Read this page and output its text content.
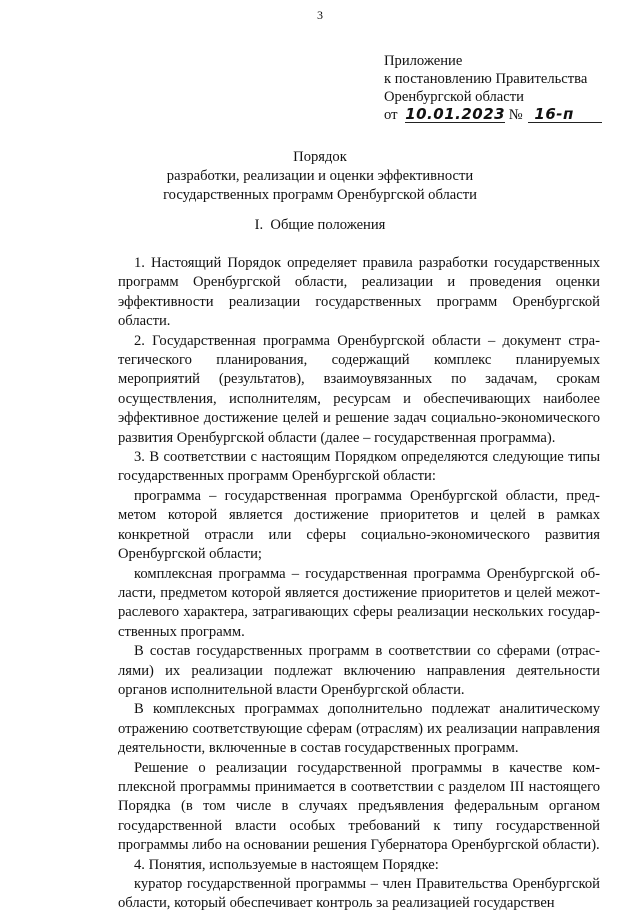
3
Приложение
к постановлению Правительства
Оренбургской области
от 10.01.2023 № 16-п
Порядок
разработки, реализации и оценки эффективности
государственных программ Оренбургской области
I. Общие положения

1. Настоящий Порядок определяет правила разработки государственных программ Оренбургской области, реализации и проведения оценки эффективности реализации государственных программ Оренбургской области.

2. Государственная программа Оренбургской области – документ стратегического планирования, содержащий комплекс планируемых мероприятий (результатов), взаимоувязанных по задачам, срокам осуществления, исполнителям, ресурсам и обеспечивающих наиболее эффективное достижение целей и решение задач социально-экономического развития Оренбургской области (далее – государственная программа).

3. В соответствии с настоящим Порядком определяются следующие типы государственных программ Оренбургской области:

программа – государственная программа Оренбургской области, предметом которой является достижение приоритетов и целей в рамках конкретной отрасли или сферы социально-экономического развития Оренбургской области;

комплексная программа – государственная программа Оренбургской области, предметом которой является достижение приоритетов и целей межотраслевого характера, затрагивающих сферы реализации нескольких государственных программ.

В состав государственных программ в соответствии со сферами (отраслями) их реализации подлежат включению направления деятельности органов исполнительной власти Оренбургской области.

В комплексных программах дополнительно подлежат аналитическому отражению соответствующие сферам (отраслям) их реализации направления деятельности, включенные в состав государственных программ.

Решение о реализации государственной программы в качестве комплексной программы принимается в соответствии с разделом III настоящего Порядка (в том числе в случаях предъявления федеральным органом государственной власти особых требований к типу государственной программы либо на основании решения Губернатора Оренбургской области).

4. Понятия, используемые в настоящем Порядке:

куратор государственной программы – член Правительства Оренбургской области, который обеспечивает контроль за реализацией государствен
